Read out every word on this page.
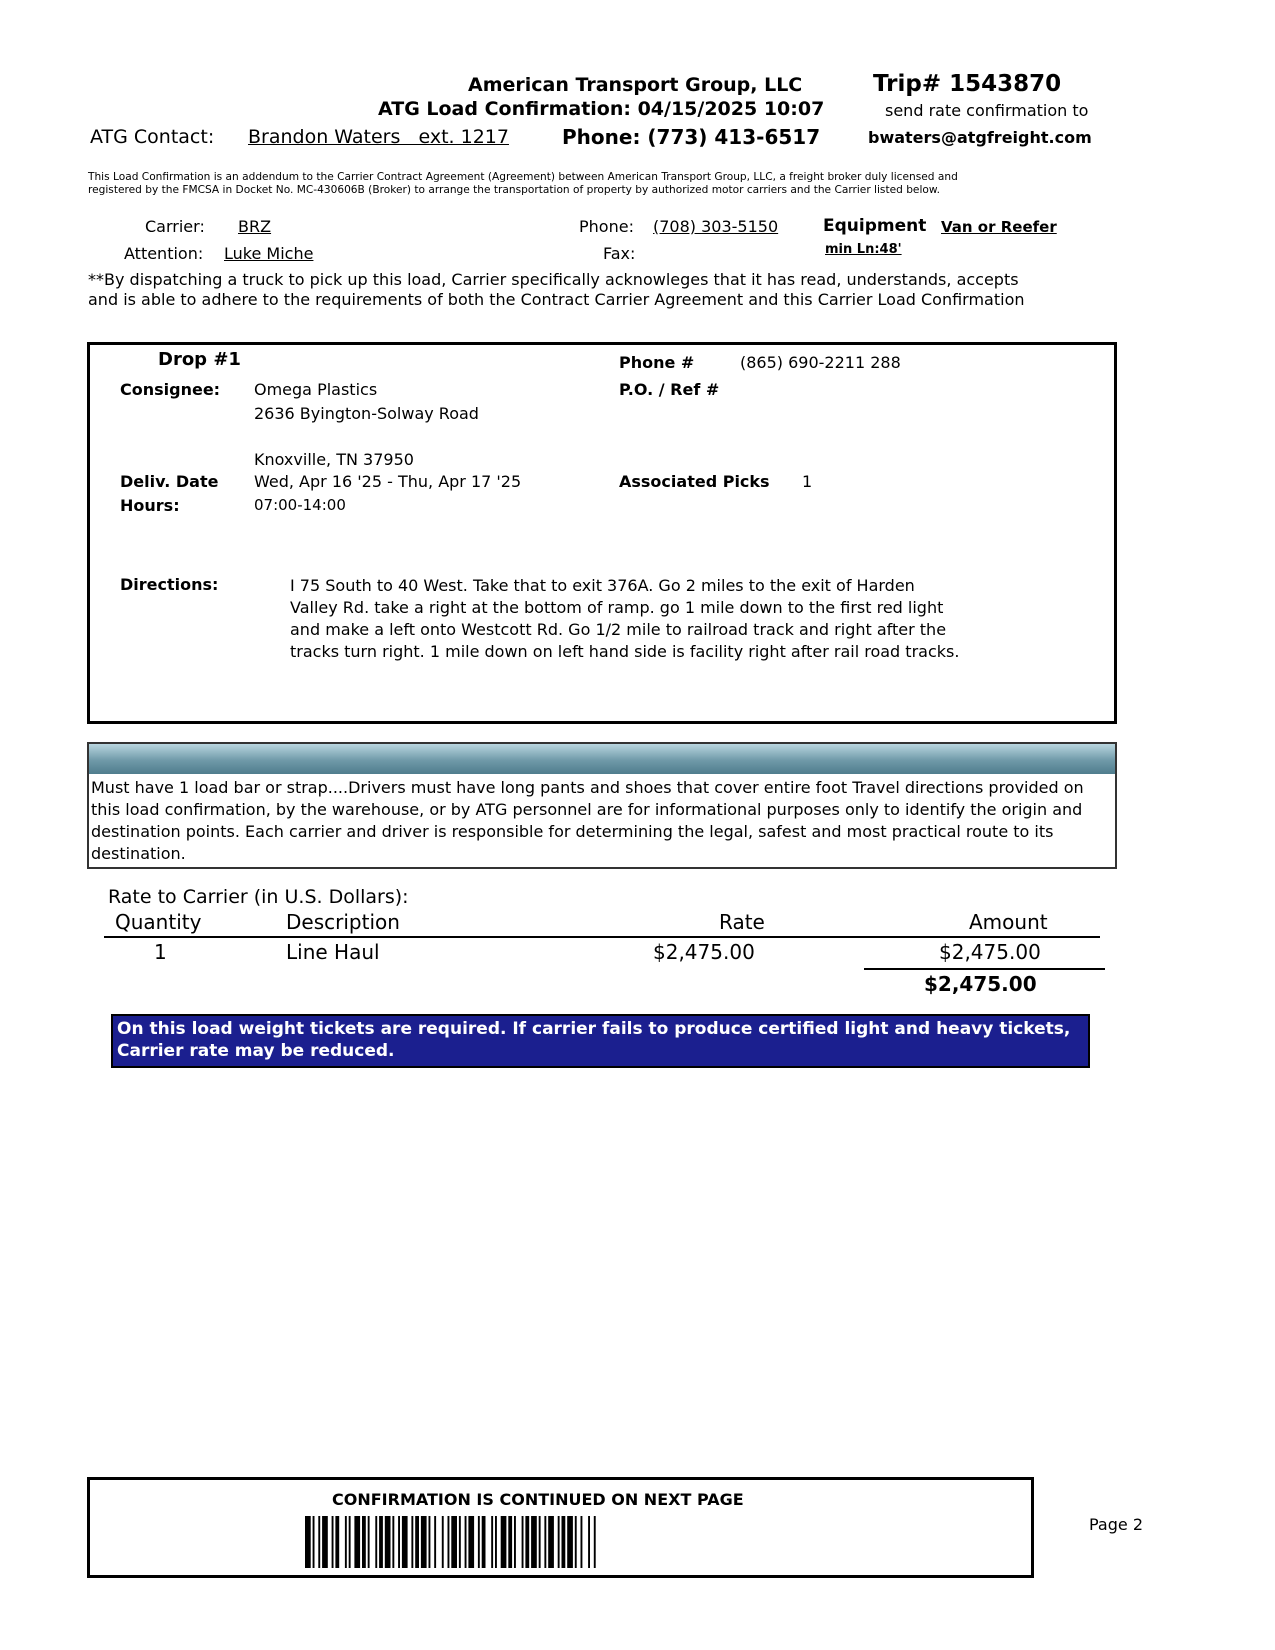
American Transport Group, LLC	Trip# 1543870
ATG Load Confirmation: 04/15/2025 10:07	send rate confirmation to
ATG Contact: Brandon Waters   ext. 1217	Phone: (773) 413-6517	bwaters@atgfreight.com
This Load Confirmation is an addendum to the Carrier Contract Agreement (Agreement) between American Transport Group, LLC, a freight broker duly licensed and
registered by the FMCSA in Docket No. MC-430606B (Broker) to arrange the transportation of property by authorized motor carriers and the Carrier listed below.
Carrier: BRZ
Attention: Luke Miche
Phone: (708) 303-5150
Fax:
Equipment Van or Reefer
min Ln:48'
**By dispatching a truck to pick up this load, Carrier specifically acknowleges that it has read, understands, accepts
and is able to adhere to the requirements of both the Contract Carrier Agreement and this Carrier Load Confirmation
Drop #1	Phone #	(865) 690-2211 288
Consignee: Omega Plastics
2636 Byington-Solway Road
Knoxville, TN 37950
P.O. / Ref #
Deliv. Date Wed, Apr 16 '25 - Thu, Apr 17 '25
Hours:	07:00-14:00
Associated Picks 1
Directions:	I 75 South to 40 West. Take that to exit 376A. Go 2 miles to the exit of Harden
Valley Rd. take a right at the bottom of ramp. go 1 mile down to the first red light
and make a left onto Westcott Rd. Go 1/2 mile to railroad track and right after the
tracks turn right. 1 mile down on left hand side is facility right after rail road tracks.
Must have 1 load bar or strap....Drivers must have long pants and shoes that cover entire foot Travel directions provided on this load confirmation, by the warehouse, or by ATG personnel are for informational purposes only to identify the origin and destination points. Each carrier and driver is responsible for determining the legal, safest and most practical route to its destination.
Rate to Carrier (in U.S. Dollars):
Quantity	Description	Rate	Amount
1	Line Haul	$2,475.00	$2,475.00
$2,475.00
On this load weight tickets are required. If carrier fails to produce certified light and heavy tickets, Carrier rate may be reduced.
CONFIRMATION IS CONTINUED ON NEXT PAGE
Page 2
